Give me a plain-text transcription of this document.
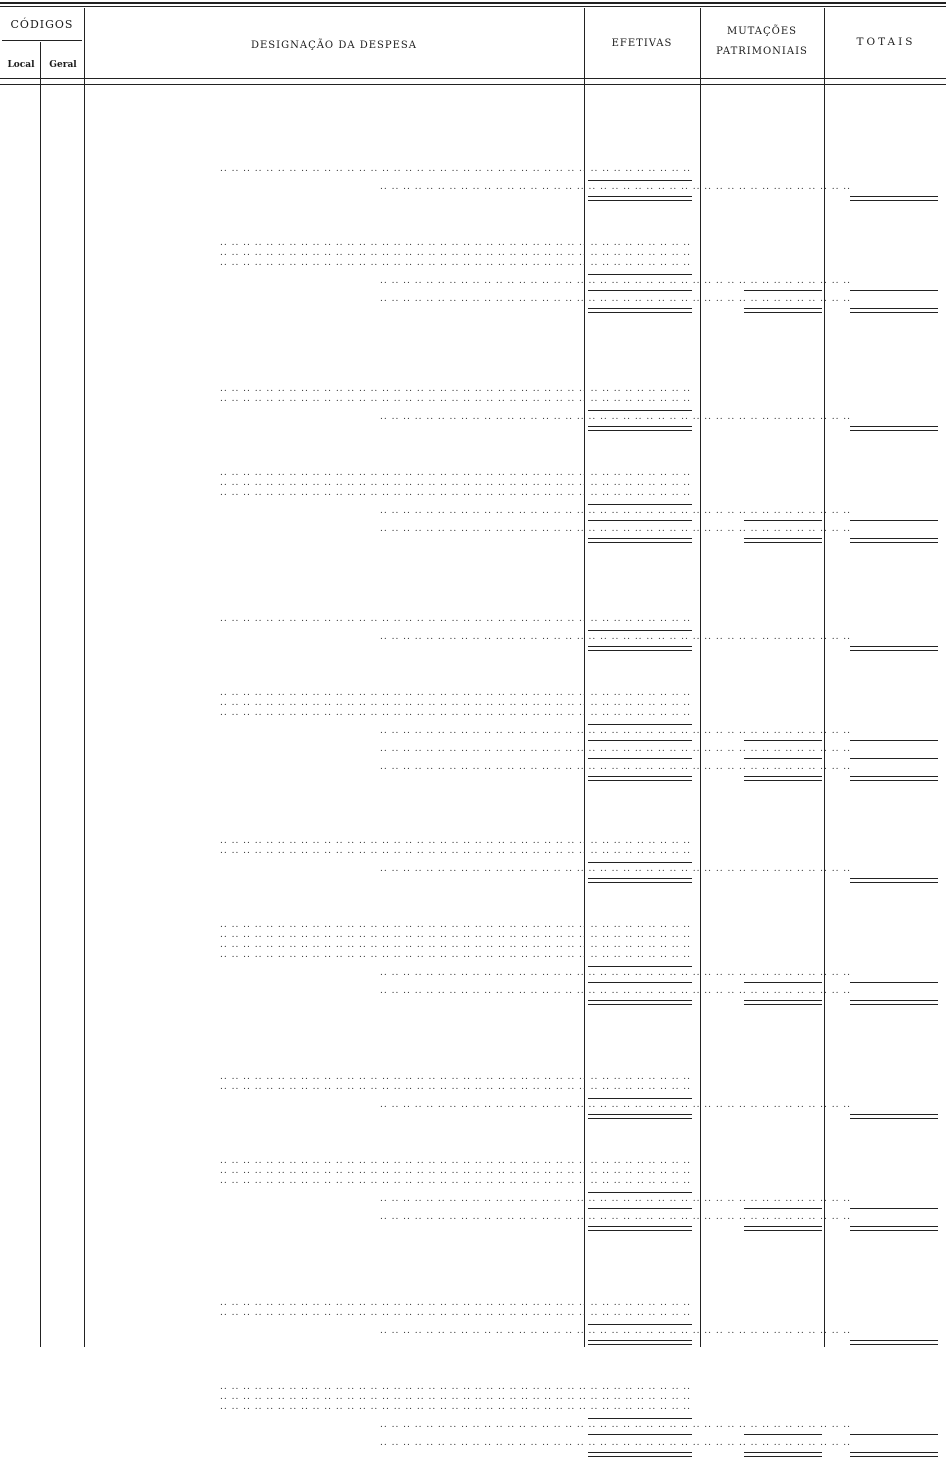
CÓDIGOS
Local	Geral
DESIGNAÇÃO DA DESPESA	EFETIVAS
MUTAÇÕES
PATRIMONIAIS
TOTAIS
.. .. .. .. .. .. .. .. .. .. .. .. .. .. .. .. .. .. .. .. .. .. .. .. .. .. .. .. .. .. .. .. .. .. .. .. .. .. .. .. ..
.. .. .. .. .. .. .. .. .. .. .. .. .. .. .. .. .. .. .. .. .. .. .. .. .. .. .. .. .. .. .. .. .. .. .. .. .. .. .. .. ..
.. .. .. .. .. .. .. .. .. .. .. .. .. .. .. .. .. .. .. .. .. .. .. .. .. .. .. .. .. .. .. .. .. .. .. .. .. .. .. .. ..
.. .. .. .. .. .. .. .. .. .. .. .. .. .. .. .. .. .. .. .. .. .. .. .. .. .. .. .. .. .. .. .. .. .. .. .. .. .. .. .. ..
.. .. .. .. .. .. .. .. .. .. .. .. .. .. .. .. .. .. .. .. .. .. .. .. .. .. .. .. .. .. .. .. .. .. .. .. .. .. .. .. ..
.. .. .. .. .. .. .. .. .. .. .. .. .. .. .. .. .. .. .. .. .. .. .. .. .. .. .. .. .. .. .. .. .. .. .. .. .. .. .. .. ..
.. .. .. .. .. .. .. .. .. .. .. .. .. .. .. .. .. .. .. .. .. .. .. .. .. .. .. .. .. .. .. .. .. .. .. .. .. .. .. .. ..
.. .. .. .. .. .. .. .. .. .. .. .. .. .. .. .. .. .. .. .. .. .. .. .. .. .. .. .. .. .. .. .. .. .. .. .. .. .. .. .. ..
.. .. .. .. .. .. .. .. .. .. .. .. .. .. .. .. .. .. .. .. .. .. .. .. .. .. .. .. .. .. .. .. .. .. .. .. .. .. .. .. ..
.. .. .. .. .. .. .. .. .. .. .. .. .. .. .. .. .. .. .. .. .. .. .. .. .. .. .. .. .. .. .. .. .. .. .. .. .. .. .. .. ..
.. .. .. .. .. .. .. .. .. .. .. .. .. .. .. .. .. .. .. .. .. .. .. .. .. .. .. .. .. .. .. .. .. .. .. .. .. .. .. .. ..
.. .. .. .. .. .. .. .. .. .. .. .. .. .. .. .. .. .. .. .. .. .. .. .. .. .. .. .. .. .. .. .. .. .. .. .. .. .. .. .. ..
.. .. .. .. .. .. .. .. .. .. .. .. .. .. .. .. .. .. .. .. .. .. .. .. .. .. .. .. .. .. .. .. .. .. .. .. .. .. .. .. ..
.. .. .. .. .. .. .. .. .. .. .. .. .. .. .. .. .. .. .. .. .. .. .. .. .. .. .. .. .. .. .. .. .. .. .. .. .. .. .. .. ..
.. .. .. .. .. .. .. .. .. .. .. .. .. .. .. .. .. .. .. .. .. .. .. .. .. .. .. .. .. .. .. .. .. .. .. .. .. .. .. .. ..
.. .. .. .. .. .. .. .. .. .. .. .. .. .. .. .. .. .. .. .. .. .. .. .. .. .. .. .. .. .. .. .. .. .. .. .. .. .. .. .. ..
.. .. .. .. .. .. .. .. .. .. .. .. .. .. .. .. .. .. .. .. .. .. .. .. .. .. .. .. .. .. .. .. .. .. .. .. .. .. .. .. ..
.. .. .. .. .. .. .. .. .. .. .. .. .. .. .. .. .. .. .. .. .. .. .. .. .. .. .. .. .. .. .. .. .. .. .. .. .. .. .. .. ..
.. .. .. .. .. .. .. .. .. .. .. .. .. .. .. .. .. .. .. .. .. .. .. .. .. .. .. .. .. .. .. .. .. .. .. .. .. .. .. .. ..
.. .. .. .. .. .. .. .. .. .. .. .. .. .. .. .. .. .. .. .. .. .. .. .. .. .. .. .. .. .. .. .. .. .. .. .. .. .. .. .. ..
.. .. .. .. .. .. .. .. .. .. .. .. .. .. .. .. .. .. .. .. .. .. .. .. .. .. .. .. .. .. .. .. .. .. .. .. .. .. .. .. ..
.. .. .. .. .. .. .. .. .. .. .. .. .. .. .. .. .. .. .. .. .. .. .. .. .. .. .. .. .. .. .. .. .. .. .. .. .. .. .. .. ..
.. .. .. .. .. .. .. .. .. .. .. .. .. .. .. .. .. .. .. .. .. .. .. .. .. .. .. .. .. .. .. .. .. .. .. .. .. .. .. .. ..
.. .. .. .. .. .. .. .. .. .. .. .. .. .. .. .. .. .. .. .. .. .. .. .. .. .. .. .. .. .. .. .. .. .. .. .. .. .. .. .. ..
.. .. .. .. .. .. .. .. .. .. .. .. .. .. .. .. .. .. .. .. .. .. .. .. .. .. .. .. .. .. .. .. .. .. .. .. .. .. .. .. ..
.. .. .. .. .. .. .. .. .. .. .. .. .. .. .. .. .. .. .. .. .. .. .. .. .. .. .. .. .. .. .. .. .. .. .. .. .. .. .. .. ..
.. .. .. .. .. .. .. .. .. .. .. .. .. .. .. .. .. .. .. .. .. .. .. .. .. .. .. .. .. .. .. .. .. .. .. .. .. .. .. .. ..
.. .. .. .. .. .. .. .. .. .. .. .. .. .. .. .. .. .. .. .. .. .. .. .. .. .. .. .. .. .. .. .. .. .. .. .. .. .. .. .. ..
.. .. .. .. .. .. .. .. .. .. .. .. .. .. .. .. .. .. .. .. .. .. .. .. .. .. .. .. .. .. .. .. .. .. .. .. .. .. .. .. ..
.. .. .. .. .. .. .. .. .. .. .. .. .. .. .. .. .. .. .. .. .. .. .. .. .. .. .. .. .. .. .. .. .. .. .. .. .. .. .. .. ..
.. .. .. .. .. .. .. .. .. .. .. .. .. .. .. .. .. .. .. .. .. .. .. .. .. .. .. .. .. .. .. .. .. .. .. .. .. .. .. .. ..
.. .. .. .. .. .. .. .. .. .. .. .. .. .. .. .. .. .. .. .. .. .. .. .. .. .. .. .. .. .. .. .. .. .. .. .. .. .. .. .. ..
.. .. .. .. .. .. .. .. .. .. .. .. .. .. .. .. .. .. .. .. .. .. .. .. .. .. .. .. .. .. .. .. .. .. .. .. .. .. .. .. ..
.. .. .. .. .. .. .. .. .. .. .. .. .. .. .. .. .. .. .. .. .. .. .. .. .. .. .. .. .. .. .. .. .. .. .. .. .. .. .. .. ..
.. .. .. .. .. .. .. .. .. .. .. .. .. .. .. .. .. .. .. .. .. .. .. .. .. .. .. .. .. .. .. .. .. .. .. .. .. .. .. .. ..
.. .. .. .. .. .. .. .. .. .. .. .. .. .. .. .. .. .. .. .. .. .. .. .. .. .. .. .. .. .. .. .. .. .. .. .. .. .. .. .. ..
.. .. .. .. .. .. .. .. .. .. .. .. .. .. .. .. .. .. .. .. .. .. .. .. .. .. .. .. .. .. .. .. .. .. .. .. .. .. .. .. ..
.. .. .. .. .. .. .. .. .. .. .. .. .. .. .. .. .. .. .. .. .. .. .. .. .. .. .. .. .. .. .. .. .. .. .. .. .. .. .. .. ..
.. .. .. .. .. .. .. .. .. .. .. .. .. .. .. .. .. .. .. .. .. .. .. .. .. .. .. .. .. .. .. .. .. .. .. .. .. .. .. .. ..
.. .. .. .. .. .. .. .. .. .. .. .. .. .. .. .. .. .. .. .. .. .. .. .. .. .. .. .. .. .. .. .. .. .. .. .. .. .. .. .. ..
.. .. .. .. .. .. .. .. .. .. .. .. .. .. .. .. .. .. .. .. .. .. .. .. .. .. .. .. .. .. .. .. .. .. .. .. .. .. .. .. ..
.. .. .. .. .. .. .. .. .. .. .. .. .. .. .. .. .. .. .. .. .. .. .. .. .. .. .. .. .. .. .. .. .. .. .. .. .. .. .. .. ..
.. .. .. .. .. .. .. .. .. .. .. .. .. .. .. .. .. .. .. .. .. .. .. .. .. .. .. .. .. .. .. .. .. .. .. .. .. .. .. .. ..
.. .. .. .. .. .. .. .. .. .. .. .. .. .. .. .. .. .. .. .. .. .. .. .. .. .. .. .. .. .. .. .. .. .. .. .. .. .. .. .. ..
.. .. .. .. .. .. .. .. .. .. .. .. .. .. .. .. .. .. .. .. .. .. .. .. .. .. .. .. .. .. .. .. .. .. .. .. .. .. .. .. ..
.. .. .. .. .. .. .. .. .. .. .. .. .. .. .. .. .. .. .. .. .. .. .. .. .. .. .. .. .. .. .. .. .. .. .. .. .. .. .. .. ..
.. .. .. .. .. .. .. .. .. .. .. .. .. .. .. .. .. .. .. .. .. .. .. .. .. .. .. .. .. .. .. .. .. .. .. .. .. .. .. .. ..
.. .. .. .. .. .. .. .. .. .. .. .. .. .. .. .. .. .. .. .. .. .. .. .. .. .. .. .. .. .. .. .. .. .. .. .. .. .. .. .. ..
